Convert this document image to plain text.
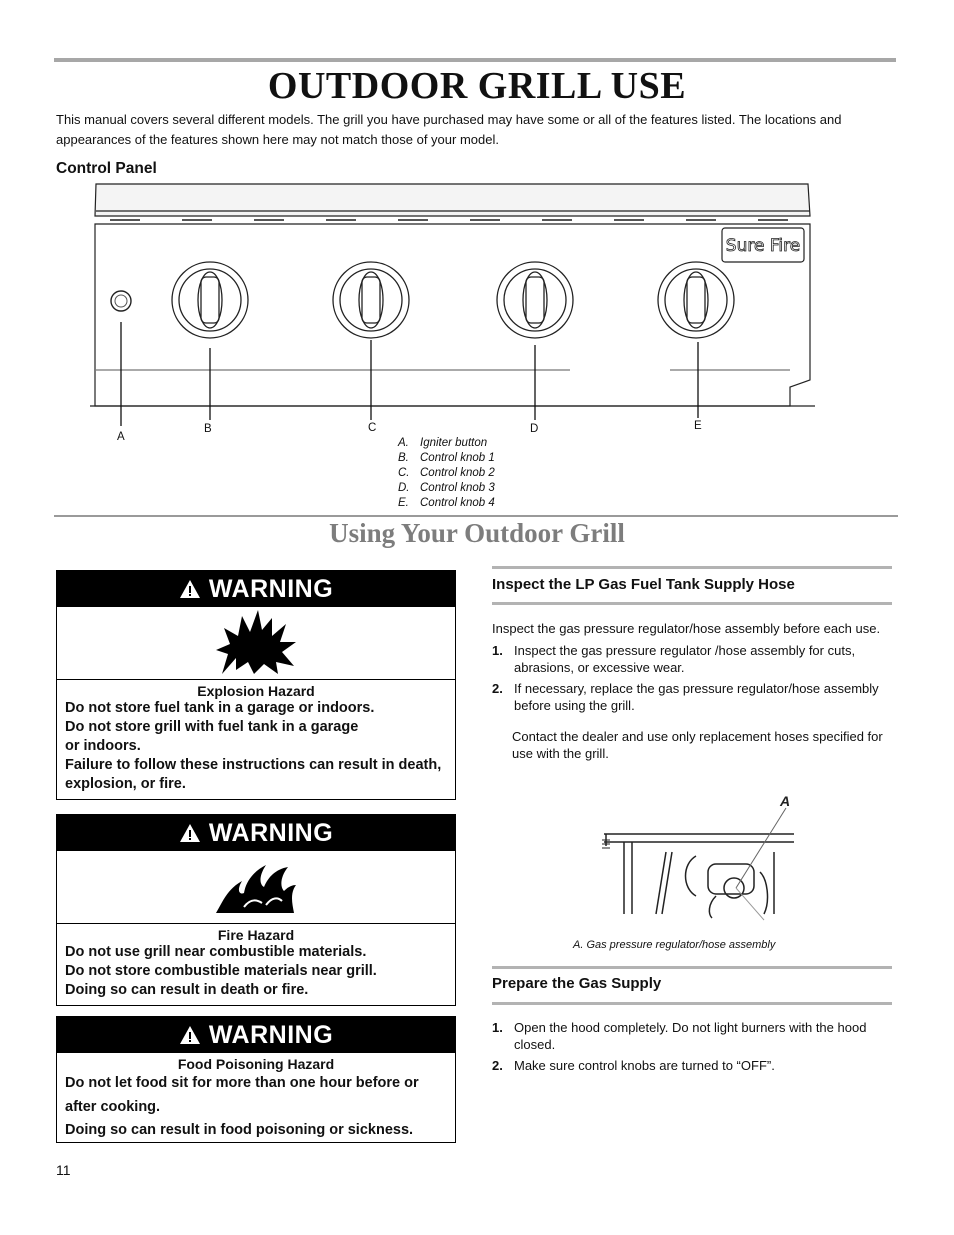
OUTDOOR GRILL USE
This manual covers several different models. The grill you have purchased may have some or all of the features listed. The locations and appearances of the features shown here may not match those of your model.
Control Panel
Sure Fire
A
B	C	D	E
A. Igniter button
B. Control knob 1
C. Control knob 2
D. Control knob 3
E. Control knob 4
Using Your Outdoor Grill
WARNING
Explosion Hazard
Do not store fuel tank in a garage or indoors.
Do not store grill with fuel tank in a garage
or indoors.
Failure to follow these instructions can result in death, explosion, or fire.
WARNING
Fire Hazard
Do not use grill near combustible materials.
Do not store combustible materials near grill.
Doing so can result in death or fire.
WARNING
Food Poisoning Hazard
Do not let food sit for more than one hour before or after cooking.
Doing so can result in food poisoning or sickness.
Inspect the LP Gas Fuel Tank Supply Hose
Inspect the gas pressure regulator/hose assembly before each use.
1. Inspect the gas pressure regulator /hose assembly for cuts, abrasions, or excessive wear.
2. If necessary, replace the gas pressure regulator/hose assembly before using the grill.
Contact the dealer and use only replacement hoses specified for use with the grill.
A
A. Gas pressure regulator/hose assembly
Prepare the Gas Supply
1. Open the hood completely. Do not light burners with the hood closed.
2. Make sure control knobs are turned to “OFF”.
11
